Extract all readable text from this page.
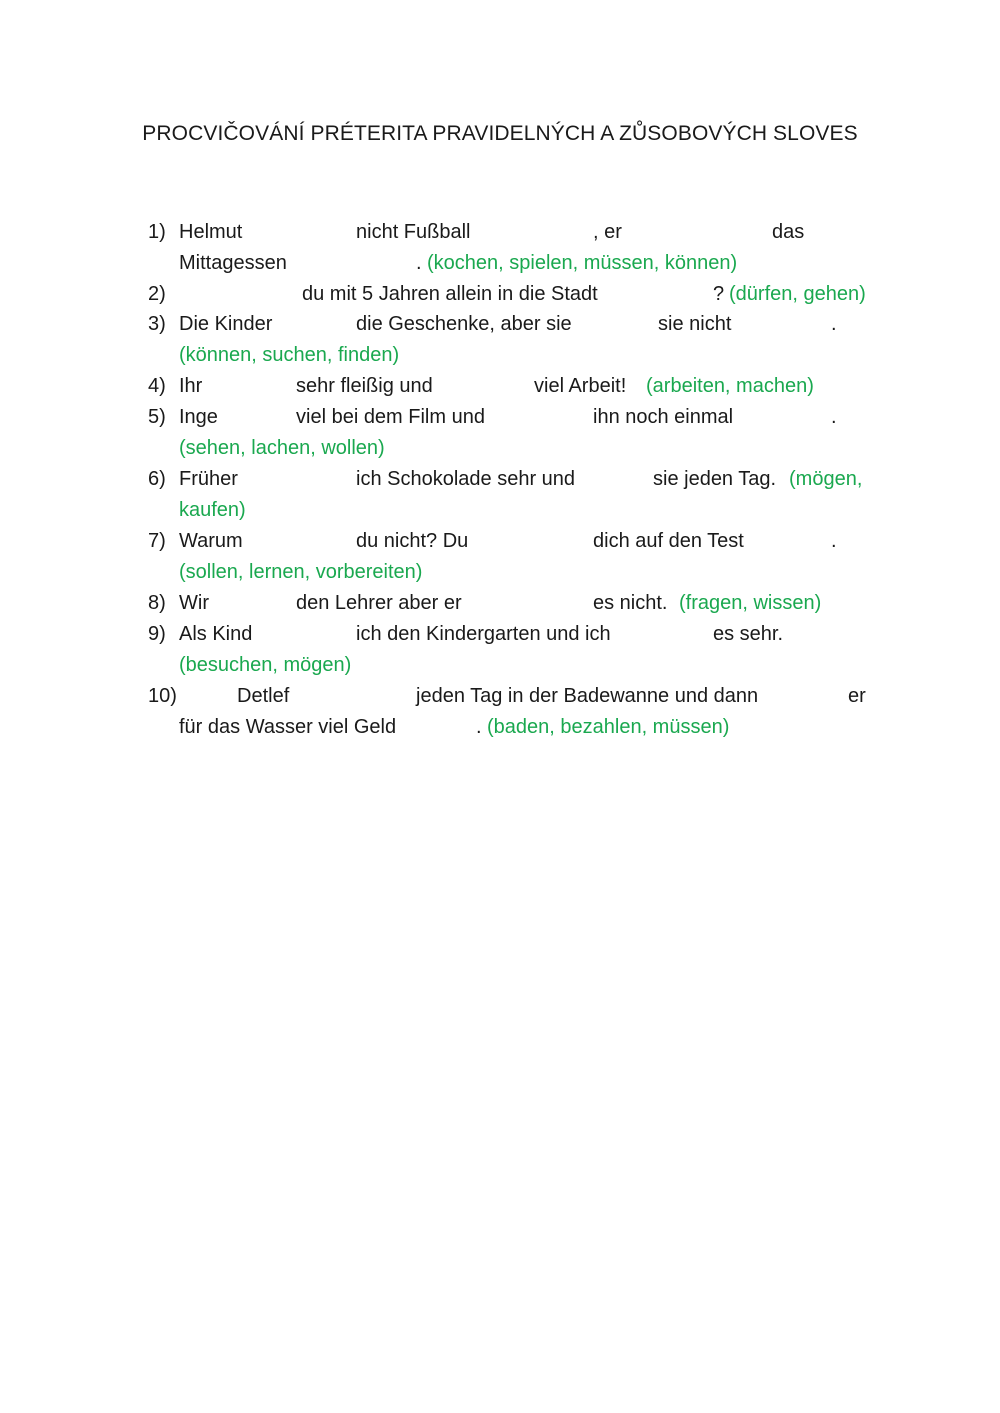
PROCVIČOVÁNÍ PRÉTERITA PRAVIDELNÝCH A ZŮSOBOVÝCH SLOVES
1) Helmut	nicht Fußball	, er	das
Mittagessen	. (kochen, spielen, müssen, können)
2)	du mit 5 Jahren allein in die Stadt	? (dürfen, gehen)
3) Die Kinder	die Geschenke, aber sie	sie nicht	.
(können, suchen, finden)
4) Ihr	sehr fleißig und	viel Arbeit! (arbeiten, machen)
5) Inge	viel bei dem Film und	ihn noch einmal	.
(sehen, lachen, wollen)
6) Früher	ich Schokolade sehr und	sie jeden Tag. (mögen,
kaufen)
7) Warum	du nicht? Du	dich auf den Test	.
(sollen, lernen, vorbereiten)
8) Wir	den Lehrer aber er	es nicht. (fragen, wissen)
9) Als Kind	ich den Kindergarten und ich	es sehr.
(besuchen, mögen)
10)	Detlef	jeden Tag in der Badewanne und dann	er
für das Wasser viel Geld	. (baden, bezahlen, müssen)
